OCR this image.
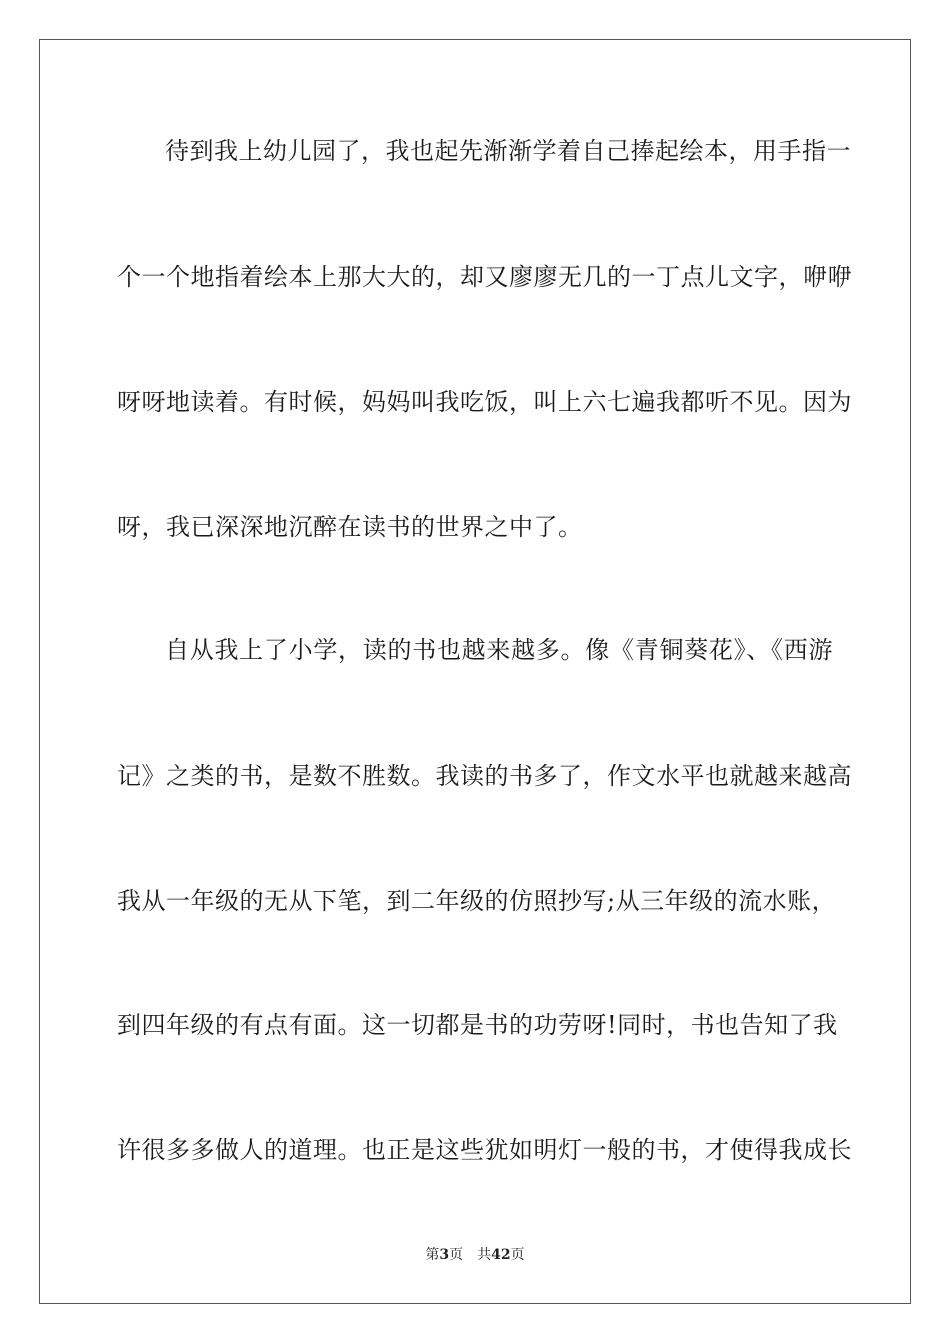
待到我上幼儿园了，我也起先渐渐学着自己捧起绘本，用手指一
个一个地指着绘本上那大大的，却又廖廖无几的一丁点儿文字，咿咿
呀呀地读着。有时候，妈妈叫我吃饭，叫上六七遍我都听不见。因为
呀，我已深深地沉醉在读书的世界之中了。
自从我上了小学，读的书也越来越多。像《青铜葵花》、《西游
记》之类的书，是数不胜数。我读的书多了，作文水平也就越来越高
我从一年级的无从下笔，到二年级的仿照抄写;从三年级的流水账，
到四年级的有点有面。这一切都是书的功劳呀!同时，书也告知了我
许很多多做人的道理。也正是这些犹如明灯一般的书，才使得我成长
第3页 共42页
